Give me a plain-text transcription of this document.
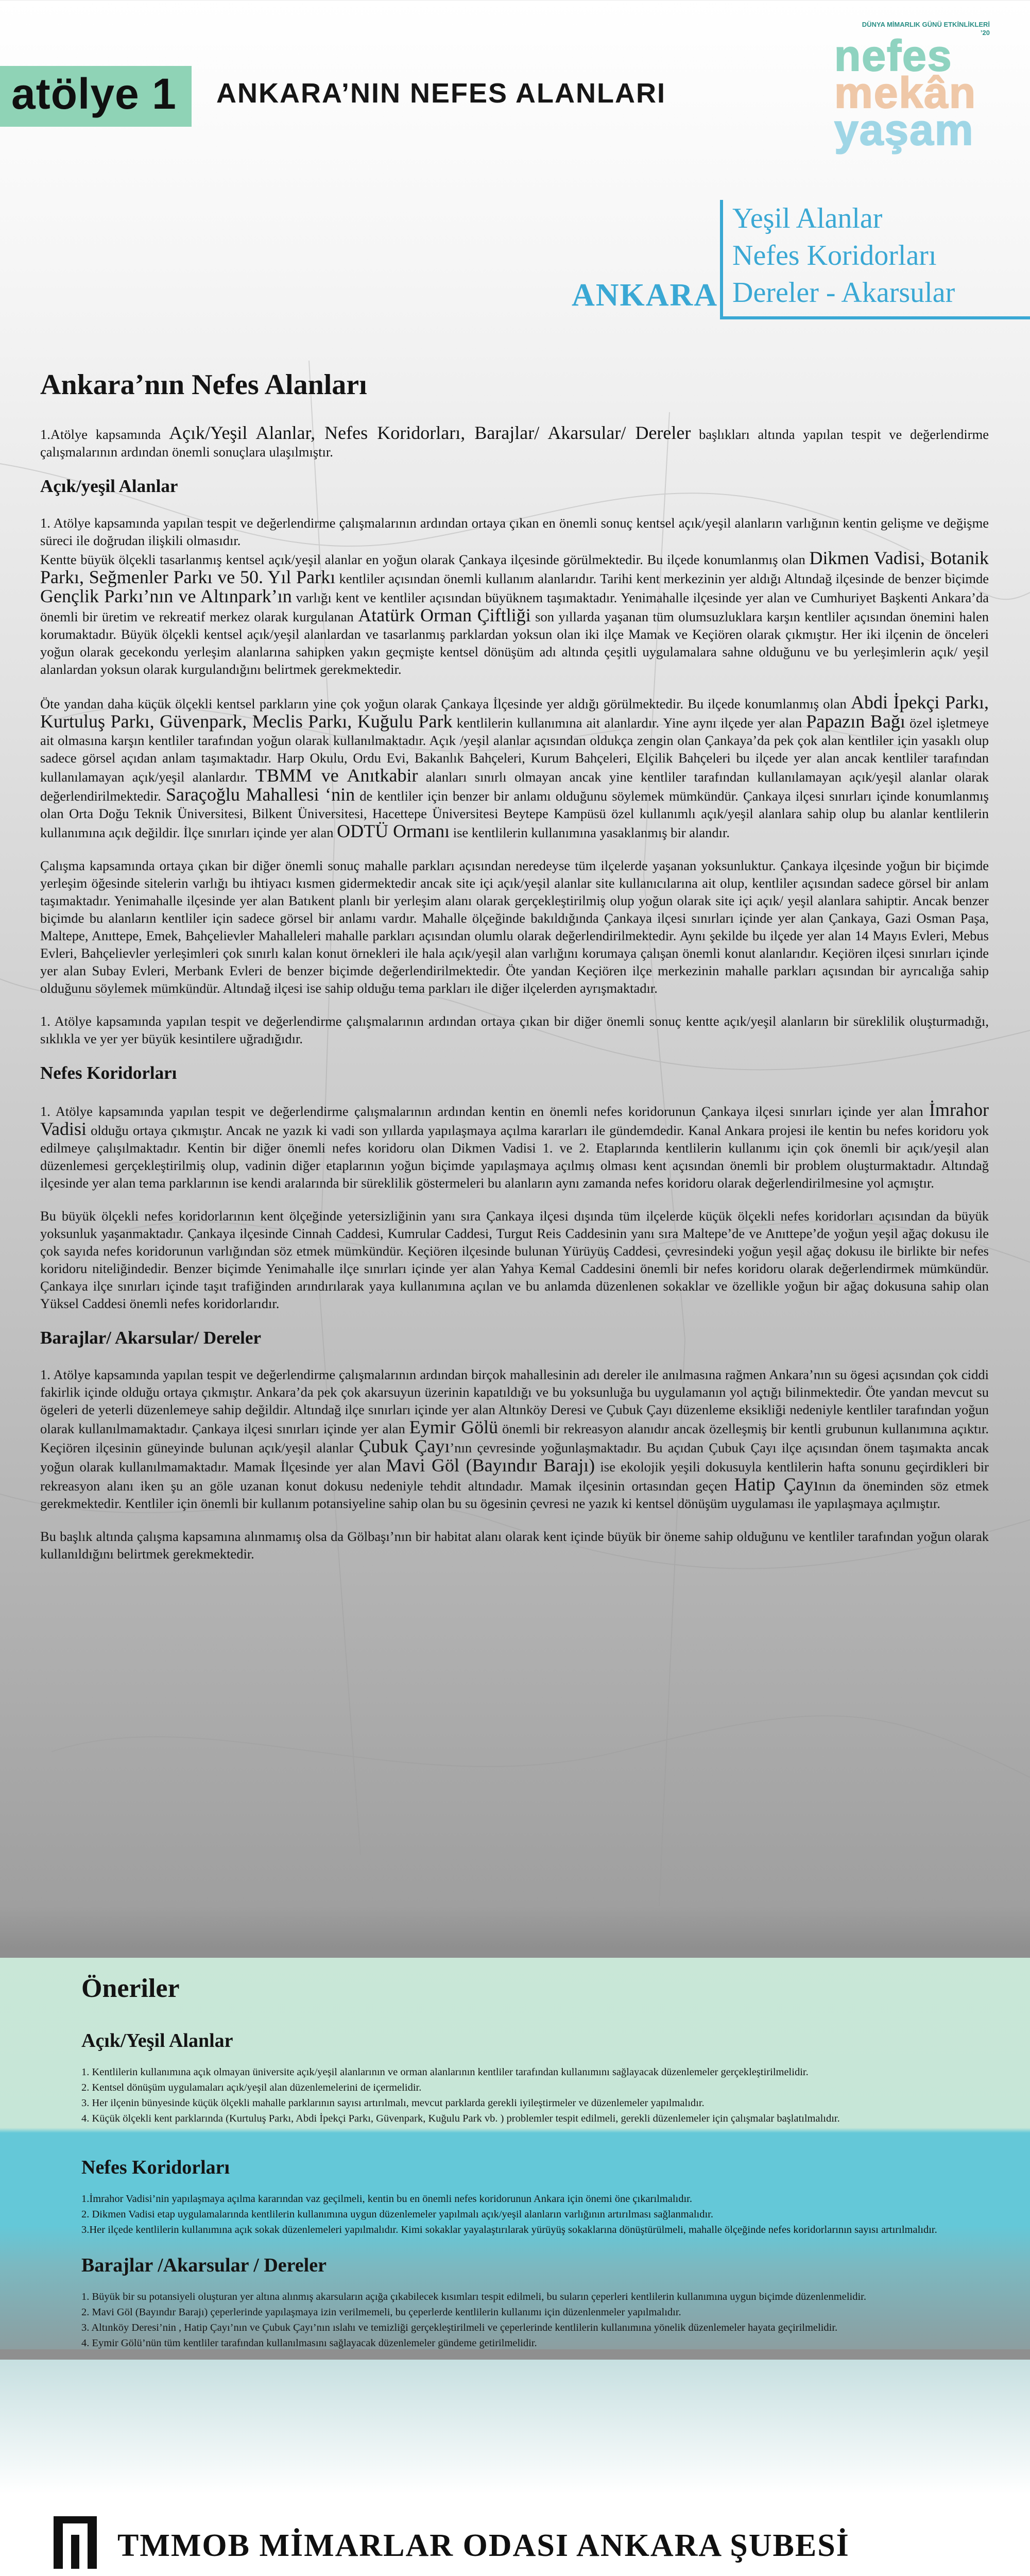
atölye 1 ANKARA’NIN NEFES ALANLARI
DÜNYA MİMARLIK GÜNÜ ETKİNLİKLERİ
’20
nefes
mekân
yaşam
ANKARA
Yeşil Alanlar
Nefes Koridorları
Dereler - Akarsular
Ankara’nın Nefes Alanları

1.Atölye kapsamında Açık/Yeşil Alanlar, Nefes Koridorları, Barajlar/ Akarsular/ Dereler başlıkları altında yapılan tespit ve değerlendirme çalışmalarının ardından önemli sonuçlara ulaşılmıştır.

Açık/yeşil Alanlar

1. Atölye kapsamında yapılan tespit ve değerlendirme çalışmalarının ardından ortaya çıkan en önemli sonuç kentsel açık/yeşil alanların varlığının kentin gelişme ve değişme süreci ile doğrudan ilişkili olmasıdır.

Kentte büyük ölçekli tasarlanmış kentsel açık/yeşil alanlar en yoğun olarak Çankaya ilçesinde görülmektedir. Bu ilçede konumlanmış olan Dikmen Vadisi, Botanik Parkı, Seğmenler Parkı ve 50. Yıl Parkı kentliler açısından önemli kullanım alanlarıdır. Tarihi kent merkezinin yer aldığı Altındağ ilçesinde de benzer biçimde Gençlik Parkı’nın ve Altınpark’ın varlığı kent ve kentliler açısından büyüknem taşımaktadır. Yenimahalle ilçesinde yer alan ve Cumhuriyet Başkenti Ankara’da önemli bir üretim ve rekreatif merkez olarak kurgulanan Atatürk Orman Çiftliği son yıllarda yaşanan tüm olumsuzluklara karşın kentliler açısından önemini halen korumaktadır. Büyük ölçekli kentsel açık/yeşil alanlardan ve tasarlanmış parklardan yoksun olan iki ilçe Mamak ve Keçiören olarak çıkmıştır. Her iki ilçenin de önceleri yoğun olarak gecekondu yerleşim alanlarına sahipken yakın geçmişte kentsel dönüşüm adı altında çeşitli uygulamalara sahne olduğunu ve bu yerleşimlerin açık/ yeşil alanlardan yoksun olarak kurgulandığını belirtmek gerekmektedir.

Öte yandan daha küçük ölçekli kentsel parkların yine çok yoğun olarak Çankaya İlçesinde yer aldığı görülmektedir. Bu ilçede konumlanmış olan Abdi İpekçi Parkı, Kurtuluş Parkı, Güvenpark, Meclis Parkı, Kuğulu Park kentlilerin kullanımına ait alanlardır. Yine aynı ilçede yer alan Papazın Bağı özel işletmeye ait olmasına karşın kentliler tarafından yoğun olarak kullanılmaktadır. Açık /yeşil alanlar açısından oldukça zengin olan Çankaya’da pek çok alan kentliler için yasaklı olup sadece görsel açıdan anlam taşımaktadır. Harp Okulu, Ordu Evi, Bakanlık Bahçeleri, Kurum Bahçeleri, Elçilik Bahçeleri bu ilçede yer alan ancak kentliler tarafından kullanılamayan açık/yeşil alanlardır. TBMM ve Anıtkabir alanları sınırlı olmayan ancak yine kentliler tarafından kullanılamayan açık/yeşil alanlar olarak değerlendirilmektedir. Saraçoğlu Mahallesi ‘nin de kentliler için benzer bir anlamı olduğunu söylemek mümkündür. Çankaya ilçesi sınırları içinde konumlanmış olan Orta Doğu Teknik Üniversitesi, Bilkent Üniversitesi, Hacettepe Üniversitesi Beytepe Kampüsü özel kullanımlı açık/yeşil alanlara sahip olup bu alanlar kentlilerin kullanımına açık değildir. İlçe sınırları içinde yer alan ODTÜ Ormanı ise kentlilerin kullanımına yasaklanmış bir alandır.

Çalışma kapsamında ortaya çıkan bir diğer önemli sonuç mahalle parkları açısından neredeyse tüm ilçelerde yaşanan yoksunluktur. Çankaya ilçesinde yoğun bir biçimde yerleşim öğesinde sitelerin varlığı bu ihtiyacı kısmen gidermektedir ancak site içi açık/yeşil alanlar site kullanıcılarına ait olup, kentliler açısından sadece görsel bir anlam taşımaktadır. Yenimahalle ilçesinde yer alan Batıkent planlı bir yerleşim alanı olarak gerçekleştirilmiş olup yoğun olarak site içi açık/ yeşil alanlara sahiptir. Ancak benzer biçimde bu alanların kentliler için sadece görsel bir anlamı vardır. Mahalle ölçeğinde bakıldığında Çankaya ilçesi sınırları içinde yer alan Çankaya, Gazi Osman Paşa, Maltepe, Anıttepe, Emek, Bahçelievler Mahalleleri mahalle parkları açısından olumlu olarak değerlendirilmektedir. Aynı şekilde bu ilçede yer alan 14 Mayıs Evleri, Mebus Evleri, Bahçelievler yerleşimleri çok sınırlı kalan konut örnekleri ile hala açık/yeşil alan varlığını korumaya çalışan önemli konut alanlarıdır. Keçiören ilçesi sınırları içinde yer alan Subay Evleri, Merbank Evleri de benzer biçimde değerlendirilmektedir. Öte yandan Keçiören ilçe merkezinin mahalle parkları açısından bir ayrıcalığa sahip olduğunu söylemek mümkündür. Altındağ ilçesi ise sahip olduğu tema parkları ile diğer ilçelerden ayrışmaktadır.

1. Atölye kapsamında yapılan tespit ve değerlendirme çalışmalarının ardından ortaya çıkan bir diğer önemli sonuç kentte açık/yeşil alanların bir süreklilik oluşturmadığı, sıklıkla ve yer yer büyük kesintilere uğradığıdır.

Nefes Koridorları

1. Atölye kapsamında yapılan tespit ve değerlendirme çalışmalarının ardından kentin en önemli nefes koridorunun Çankaya ilçesi sınırları içinde yer alan İmrahor Vadisi olduğu ortaya çıkmıştır. Ancak ne yazık ki vadi son yıllarda yapılaşmaya açılma kararları ile gündemdedir. Kanal Ankara projesi ile kentin bu nefes koridoru yok edilmeye çalışılmaktadır. Kentin bir diğer önemli nefes koridoru olan Dikmen Vadisi 1. ve 2. Etaplarında kentlilerin kullanımı için çok önemli bir açık/yeşil alan düzenlemesi gerçekleştirilmiş olup, vadinin diğer etaplarının yoğun biçimde yapılaşmaya açılmış olması kent açısından önemli bir problem oluşturmaktadır. Altındağ ilçesinde yer alan tema parklarının ise kendi aralarında bir süreklilik göstermeleri bu alanların aynı zamanda nefes koridoru olarak değerlendirilmesine yol açmıştır.

Bu büyük ölçekli nefes koridorlarının kent ölçeğinde yetersizliğinin yanı sıra Çankaya ilçesi dışında tüm ilçelerde küçük ölçekli nefes koridorları açısından da büyük yoksunluk yaşanmaktadır. Çankaya ilçesinde Cinnah Caddesi, Kumrular Caddesi, Turgut Reis Caddesinin yanı sıra Maltepe’de ve Anıttepe’de yoğun yeşil ağaç dokusu ile çok sayıda nefes koridorunun varlığından söz etmek mümkündür. Keçiören ilçesinde bulunan Yürüyüş Caddesi, çevresindeki yoğun yeşil ağaç dokusu ile birlikte bir nefes koridoru niteliğindedir. Benzer biçimde Yenimahalle ilçe sınırları içinde yer alan Yahya Kemal Caddesini önemli bir nefes koridoru olarak değerlendirmek mümkündür. Çankaya ilçe sınırları içinde taşıt trafiğinden arındırılarak yaya kullanımına açılan ve bu anlamda düzenlenen sokaklar ve özellikle yoğun bir ağaç dokusuna sahip olan Yüksel Caddesi önemli nefes koridorlarıdır.

Barajlar/ Akarsular/ Dereler

1. Atölye kapsamında yapılan tespit ve değerlendirme çalışmalarının ardından birçok mahallesinin adı dereler ile anılmasına rağmen Ankara’nın su ögesi açısından çok ciddi fakirlik içinde olduğu ortaya çıkmıştır. Ankara’da pek çok akarsuyun üzerinin kapatıldığı ve bu yoksunluğa bu uygulamanın yol açtığı bilinmektedir. Öte yandan mevcut su ögeleri de yeterli düzenlemeye sahip değildir. Altındağ ilçe sınırları içinde yer alan Altınköy Deresi ve Çubuk Çayı düzenleme eksikliği nedeniyle kentliler tarafından yoğun olarak kullanılmamaktadır. Çankaya ilçesi sınırları içinde yer alan Eymir Gölü önemli bir rekreasyon alanıdır ancak özelleşmiş bir kentli grubunun kullanımına açıktır. Keçiören ilçesinin güneyinde bulunan açık/yeşil alanlar Çubuk Çayı’nın çevresinde yoğunlaşmaktadır. Bu açıdan Çubuk Çayı ilçe açısından önem taşımakta ancak yoğun olarak kullanılmamaktadır. Mamak İlçesinde yer alan Mavi Göl (Bayındır Barajı) ise ekolojik yeşili dokusuyla kentlilerin hafta sonunu geçirdikleri bir rekreasyon alanı iken şu an göle uzanan konut dokusu nedeniyle tehdit altındadır. Mamak ilçesinin ortasından geçen Hatip Çayının da öneminden söz etmek gerekmektedir. Kentliler için önemli bir kullanım potansiyeline sahip olan bu su ögesinin çevresi ne yazık ki kentsel dönüşüm uygulaması ile yapılaşmaya açılmıştır.

Bu başlık altında çalışma kapsamına alınmamış olsa da Gölbaşı’nın bir habitat alanı olarak kent içinde büyük bir öneme sahip olduğunu ve kentliler tarafından yoğun olarak kullanıldığını belirtmek gerekmektedir.

Öneriler
Açık/Yeşil Alanlar
1. Kentlilerin kullanımına açık olmayan üniversite açık/yeşil alanlarının ve orman alanlarının kentliler tarafından kullanımını sağlayacak düzenlemeler gerçekleştirilmelidir.
2. Kentsel dönüşüm uygulamaları açık/yeşil alan düzenlemelerini de içermelidir.
3. Her ilçenin bünyesinde küçük ölçekli mahalle parklarının sayısı artırılmalı, mevcut parklarda gerekli iyileştirmeler ve düzenlemeler yapılmalıdır.
4. Küçük ölçekli kent parklarında (Kurtuluş Parkı, Abdi İpekçi Parkı, Güvenpark, Kuğulu Park vb. ) problemler tespit edilmeli, gerekli düzenlemeler için çalışmalar başlatılmalıdır.
Nefes Koridorları
1.İmrahor Vadisi’nin yapılaşmaya açılma kararından vaz geçilmeli, kentin bu en önemli nefes koridorunun Ankara için önemi öne çıkarılmalıdır.
2. Dikmen Vadisi etap uygulamalarında kentlilerin kullanımına uygun düzenlemeler yapılmalı açık/yeşil alanların varlığının artırılması sağlanmalıdır.
3.Her ilçede kentlilerin kullanımına açık sokak düzenlemeleri yapılmalıdır. Kimi sokaklar yayalaştırılarak yürüyüş sokaklarına dönüştürülmeli, mahalle ölçeğinde nefes koridorlarının sayısı artırılmalıdır.
Barajlar /Akarsular / Dereler
1. Büyük bir su potansiyeli oluşturan yer altına alınmış akarsuların açığa çıkabilecek kısımları tespit edilmeli, bu suların çeperleri kentlilerin kullanımına uygun biçimde düzenlenmelidir.
2. Mavi Göl (Bayındır Barajı) çeperlerinde yapılaşmaya izin verilmemeli, bu çeperlerde kentlilerin kullanımı için düzenlenmeler yapılmalıdır.
3. Altınköy Deresi’nin , Hatip Çayı’nın ve Çubuk Çayı’nın ıslahı ve temizliği gerçekleştirilmeli ve çeperlerinde kentlilerin kullanımına yönelik düzenlemeler hayata geçirilmelidir.
4. Eymir Gölü’nün tüm kentliler tarafından kullanılmasını sağlayacak düzenlemeler gündeme getirilmelidir.
TMMOB MİMARLAR ODASI ANKARA ŞUBESİ
